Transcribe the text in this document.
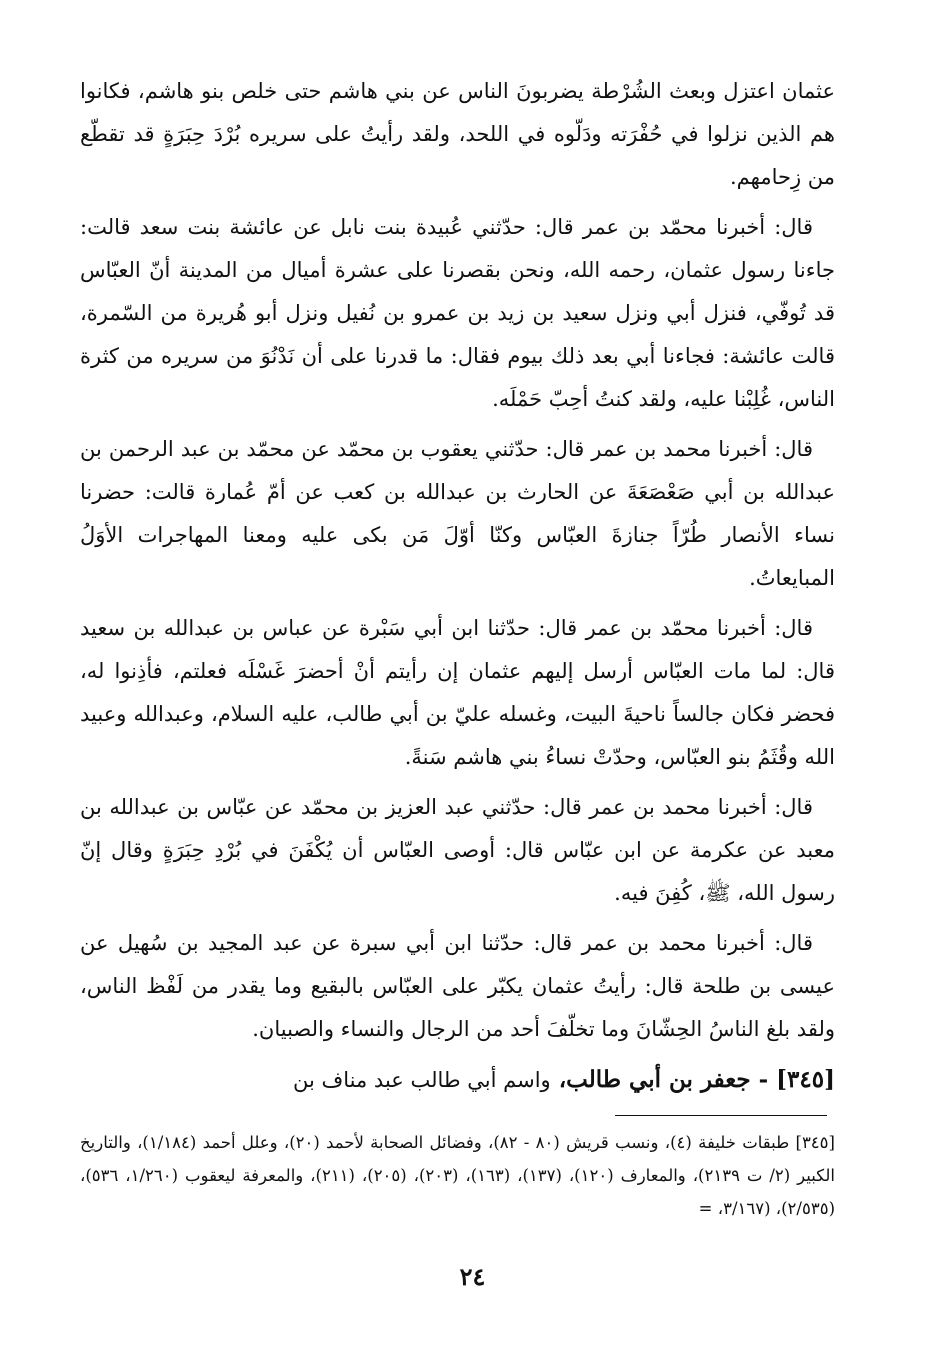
عثمان اعتزل وبعث الشُرْطة يضربونَ الناس عن بني هاشم حتى خلص بنو هاشم، فكانوا هم الذين نزلوا في حُفْرَته ودَلّوه في اللحد، ولقد رأيتُ على سريره بُرْدَ حِبَرَةٍ قد تقطّع من زِحامهم.

قال: أخبرنا محمّد بن عمر قال: حدّثني عُبيدة بنت نابل عن عائشة بنت سعد قالت: جاءنا رسول عثمان، رحمه الله، ونحن بقصرنا على عشرة أميال من المدينة أنّ العبّاس قد تُوفّي، فنزل أبي ونزل سعيد بن زيد بن عمرو بن نُفيل ونزل أبو هُريرة من السّمرة، قالت عائشة: فجاءنا أبي بعد ذلك بيوم فقال: ما قدرنا على أن نَدْنُوَ من سريره من كثرة الناس، غُلِبْنا عليه، ولقد كنتُ أحِبّ حَمْلَه.

قال: أخبرنا محمد بن عمر قال: حدّثني يعقوب بن محمّد عن محمّد بن عبد الرحمن بن عبدالله بن أبي صَعْصَعَةَ عن الحارث بن عبدالله بن كعب عن أمّ عُمارة قالت: حضرنا نساء الأنصار طُرّاً جنازةَ العبّاس وكنّا أوّلَ مَن بكى عليه ومعنا المهاجرات الأوَلُ المبايعاتُ.

قال: أخبرنا محمّد بن عمر قال: حدّثنا ابن أبي سَبْرة عن عباس بن عبدالله بن سعيد قال: لما مات العبّاس أرسل إليهم عثمان إن رأيتم أنْ أحضرَ غَسْلَه فعلتم، فأذِنوا له، فحضر فكان جالساً ناحيةَ البيت، وغسله عليّ بن أبي طالب، عليه السلام، وعبدالله وعبيد الله وقُثَمُ بنو العبّاس، وحدّتْ نساءُ بني هاشم سَنةً.

قال: أخبرنا محمد بن عمر قال: حدّثني عبد العزيز بن محمّد عن عبّاس بن عبدالله بن معبد عن عكرمة عن ابن عبّاس قال: أوصى العبّاس أن يُكْفَنَ في بُرْدِ حِبَرَةٍ وقال إنّ رسول الله، ﷺ، كُفِنَ فيه.

قال: أخبرنا محمد بن عمر قال: حدّثنا ابن أبي سبرة عن عبد المجيد بن سُهيل عن عيسى بن طلحة قال: رأيتُ عثمان يكبّر على العبّاس بالبقيع وما يقدر من لَفْظ الناس، ولقد بلغ الناسُ الحِشّانَ وما تخلّفَ أحد من الرجال والنساء والصبيان.

[٣٤٥] - جعفر بن أبي طالب، واسم أبي طالب عبد مناف بن

[٣٤٥] طبقات خليفة (٤)، ونسب قريش (٨٠ - ٨٢)، وفضائل الصحابة لأحمد (٢٠)، وعلل أحمد (١/١٨٤)، والتاريخ الكبير (٢/ ت ٢١٣٩)، والمعارف (١٢٠)، (١٣٧)، (١٦٣)، (٢٠٣)، (٢٠٥)، (٢١١)، والمعرفة ليعقوب (١/٢٦٠، ٥٣٦)، (٢/٥٣٥)، (٣/١٦٧، =

٢٤
